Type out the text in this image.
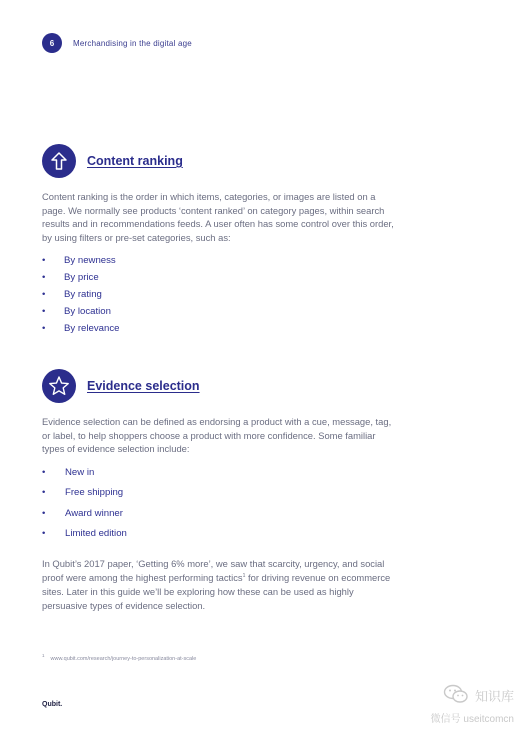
6	Merchandising in the digital age
Content ranking

Content ranking is the order in which items, categories, or images are listed on a page. We normally see products ‘content ranked’ on category pages, within search results and in recommendations feeds. A user often has some control over this order, by using filters or pre-set categories, such as:

• By newness
• By price
• By rating
• By location
• By relevance
Evidence selection

Evidence selection can be defined as endorsing a product with a cue, message, tag, or label, to help shoppers choose a product with more confidence. Some familiar types of evidence selection include:

• New in
• Free shipping
• Award winner
• Limited edition

In Qubit’s 2017 paper, ‘Getting 6% more’, we saw that scarcity, urgency, and social proof were among the highest performing tactics$^1$ for driving revenue on ecommerce sites. Later in this guide we’ll be exploring how these can be used as highly persuasive types of evidence selection.

$^1$www.qubit.com/research/journey-to-personalization-at-scale
Qubit.
知识库
微信号 useitcomcn
